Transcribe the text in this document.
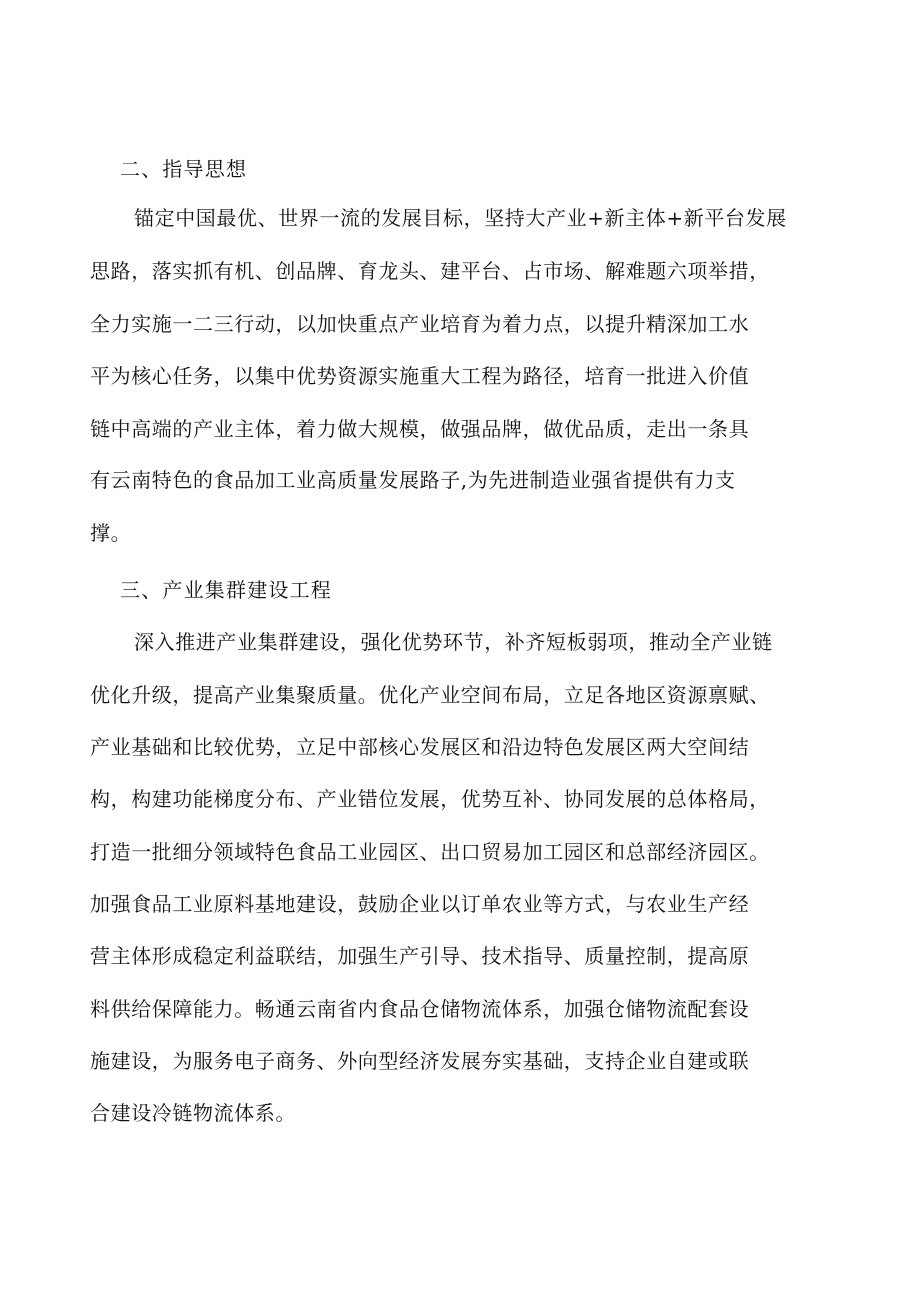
二、指导思想
锚定中国最优、世界一流的发展目标，坚持大产业+新主体+新平台发展
思路，落实抓有机、创品牌、育龙头、建平台、占市场、解难题六项举措，
全力实施一二三行动，以加快重点产业培育为着力点，以提升精深加工水
平为核心任务，以集中优势资源实施重大工程为路径，培育一批进入价值
链中高端的产业主体，着力做大规模，做强品牌，做优品质，走出一条具
有云南特色的食品加工业高质量发展路子,为先进制造业强省提供有力支
撑。
三、产业集群建设工程
深入推进产业集群建设，强化优势环节，补齐短板弱项，推动全产业链
优化升级，提高产业集聚质量。优化产业空间布局，立足各地区资源禀赋、
产业基础和比较优势，立足中部核心发展区和沿边特色发展区两大空间结
构，构建功能梯度分布、产业错位发展，优势互补、协同发展的总体格局，
打造一批细分领域特色食品工业园区、出口贸易加工园区和总部经济园区。
加强食品工业原料基地建设，鼓励企业以订单农业等方式，与农业生产经
营主体形成稳定利益联结，加强生产引导、技术指导、质量控制，提高原
料供给保障能力。畅通云南省内食品仓储物流体系，加强仓储物流配套设
施建设，为服务电子商务、外向型经济发展夯实基础，支持企业自建或联
合建设冷链物流体系。
